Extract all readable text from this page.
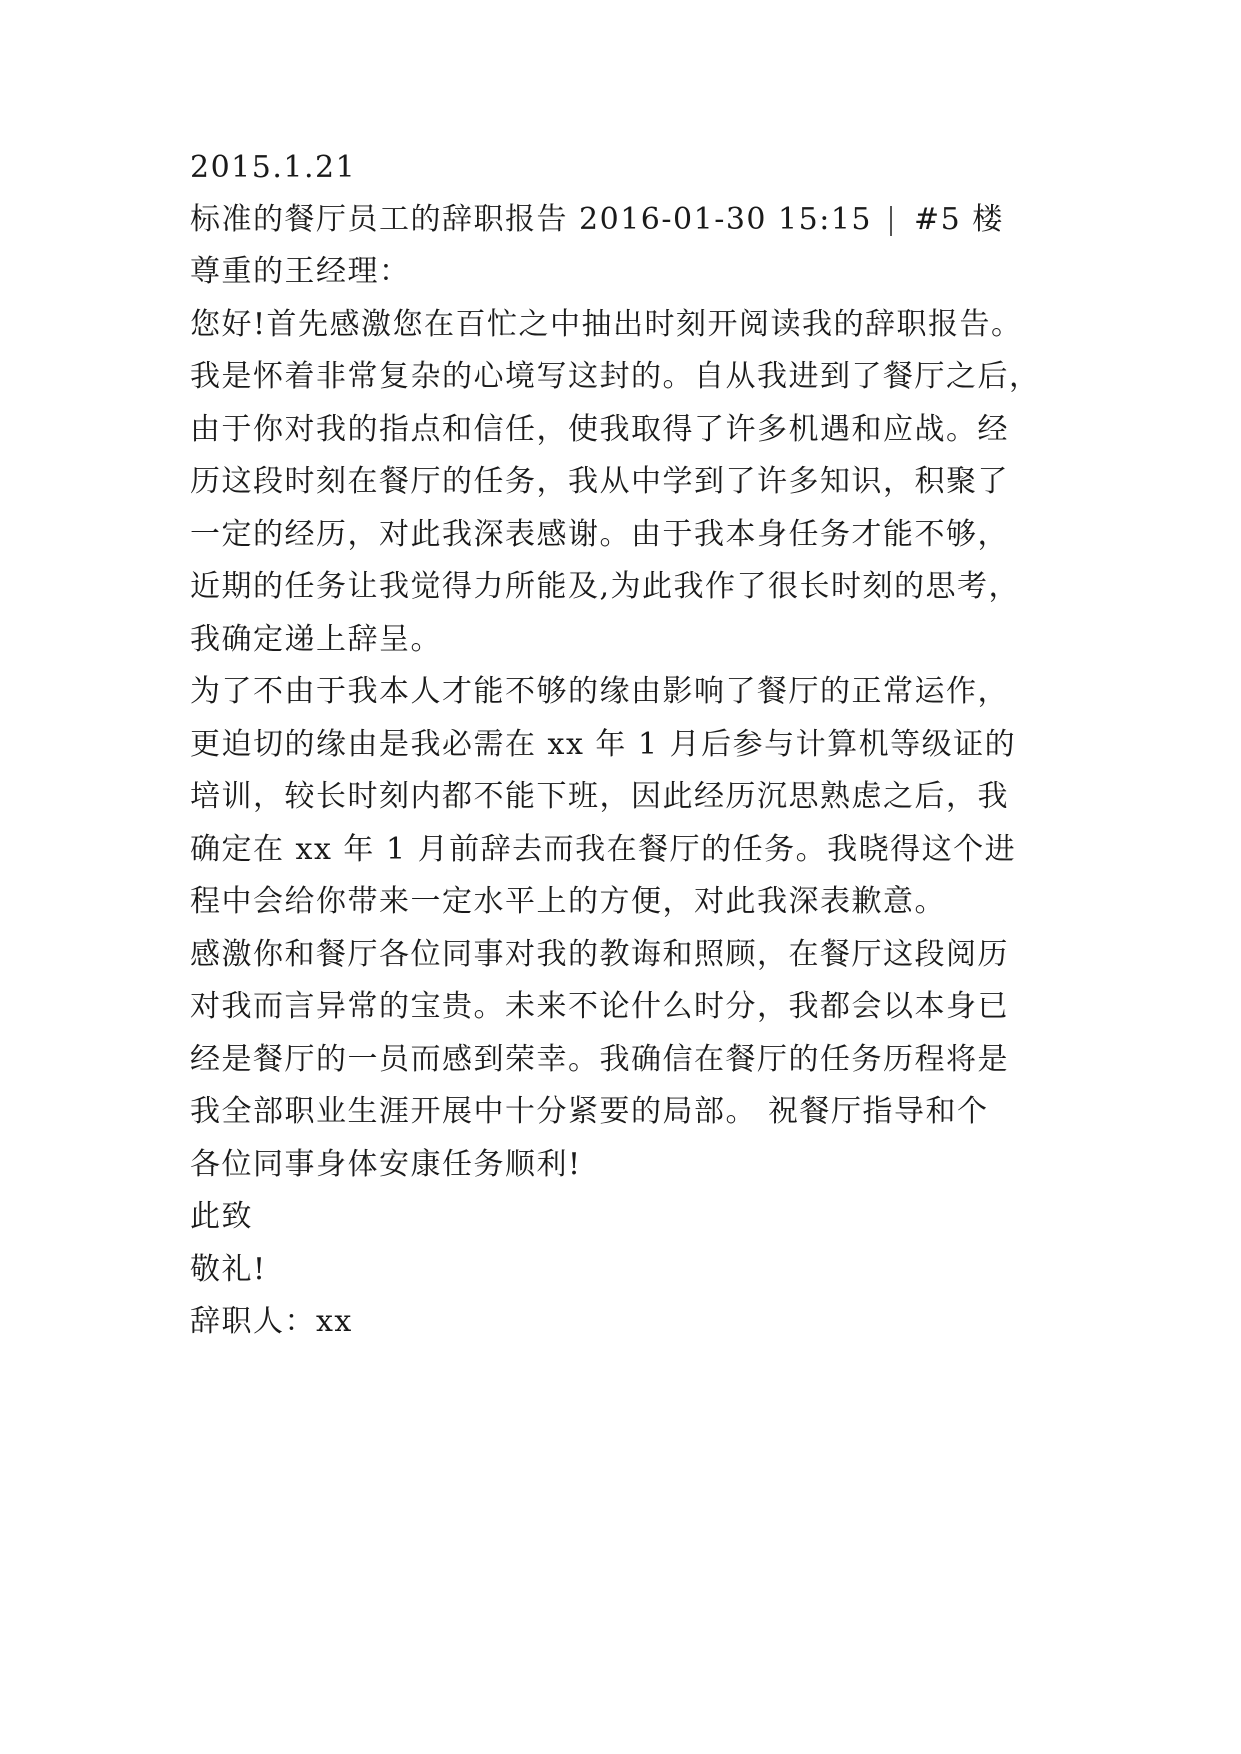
2015.1.21
标准的餐厅员工的辞职报告 2016-01-30 15:15 #5 楼
尊重的王经理：
您好!首先感激您在百忙之中抽出时刻开阅读我的辞职报告。
我是怀着非常复杂的心境写这封的。自从我进到了餐厅之后，
由于你对我的指点和信任，使我取得了许多机遇和应战。经
历这段时刻在餐厅的任务，我从中学到了许多知识，积聚了
一定的经历，对此我深表感谢。由于我本身任务才能不够，
近期的任务让我觉得力所能及,为此我作了很长时刻的思考，
我确定递上辞呈。
为了不由于我本人才能不够的缘由影响了餐厅的正常运作，
更迫切的缘由是我必需在 xx 年 1 月后参与计算机等级证的
培训，较长时刻内都不能下班，因此经历沉思熟虑之后，我
确定在 xx 年 1 月前辞去而我在餐厅的任务。我晓得这个进
程中会给你带来一定水平上的方便，对此我深表歉意。
感激你和餐厅各位同事对我的教诲和照顾，在餐厅这段阅历
对我而言异常的宝贵。未来不论什么时分，我都会以本身已
经是餐厅的一员而感到荣幸。我确信在餐厅的任务历程将是
我全部职业生涯开展中十分紧要的局部。 祝餐厅指导和个
各位同事身体安康任务顺利!
此致
敬礼!
辞职人：xx
